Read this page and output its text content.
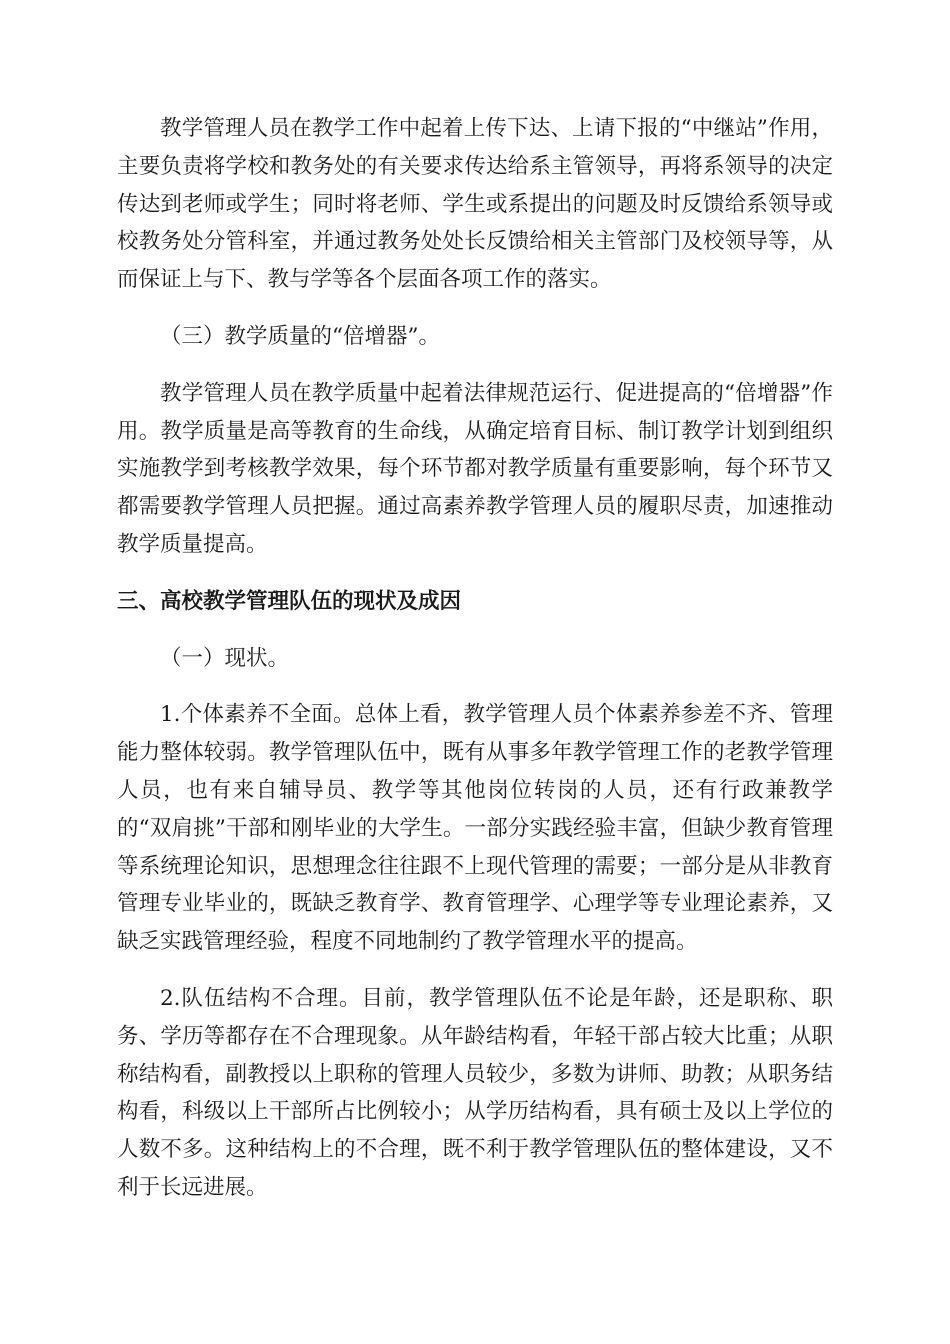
教学管理人员在教学工作中起着上传下达、上请下报的“中继站”作用，主要负责将学校和教务处的有关要求传达给系主管领导，再将系领导的决定传达到老师或学生；同时将老师、学生或系提出的问题及时反馈给系领导或校教务处分管科室，并通过教务处处长反馈给相关主管部门及校领导等，从而保证上与下、教与学等各个层面各项工作的落实。

（三）教学质量的“倍增器”。

教学管理人员在教学质量中起着法律规范运行、促进提高的“倍增器”作用。教学质量是高等教育的生命线，从确定培育目标、制订教学计划到组织实施教学到考核教学效果，每个环节都对教学质量有重要影响，每个环节又都需要教学管理人员把握。通过高素养教学管理人员的履职尽责，加速推动教学质量提高。

三、高校教学管理队伍的现状及成因

（一）现状。

1.个体素养不全面。总体上看，教学管理人员个体素养参差不齐、管理能力整体较弱。教学管理队伍中，既有从事多年教学管理工作的老教学管理人员，也有来自辅导员、教学等其他岗位转岗的人员，还有行政兼教学的“双肩挑”干部和刚毕业的大学生。一部分实践经验丰富，但缺少教育管理等系统理论知识，思想理念往往跟不上现代管理的需要；一部分是从非教育管理专业毕业的，既缺乏教育学、教育管理学、心理学等专业理论素养，又缺乏实践管理经验，程度不同地制约了教学管理水平的提高。

2.队伍结构不合理。目前，教学管理队伍不论是年龄，还是职称、职务、学历等都存在不合理现象。从年龄结构看，年轻干部占较大比重；从职称结构看，副教授以上职称的管理人员较少，多数为讲师、助教；从职务结构看，科级以上干部所占比例较小；从学历结构看，具有硕士及以上学位的人数不多。这种结构上的不合理，既不利于教学管理队伍的整体建设，又不利于长远进展。
